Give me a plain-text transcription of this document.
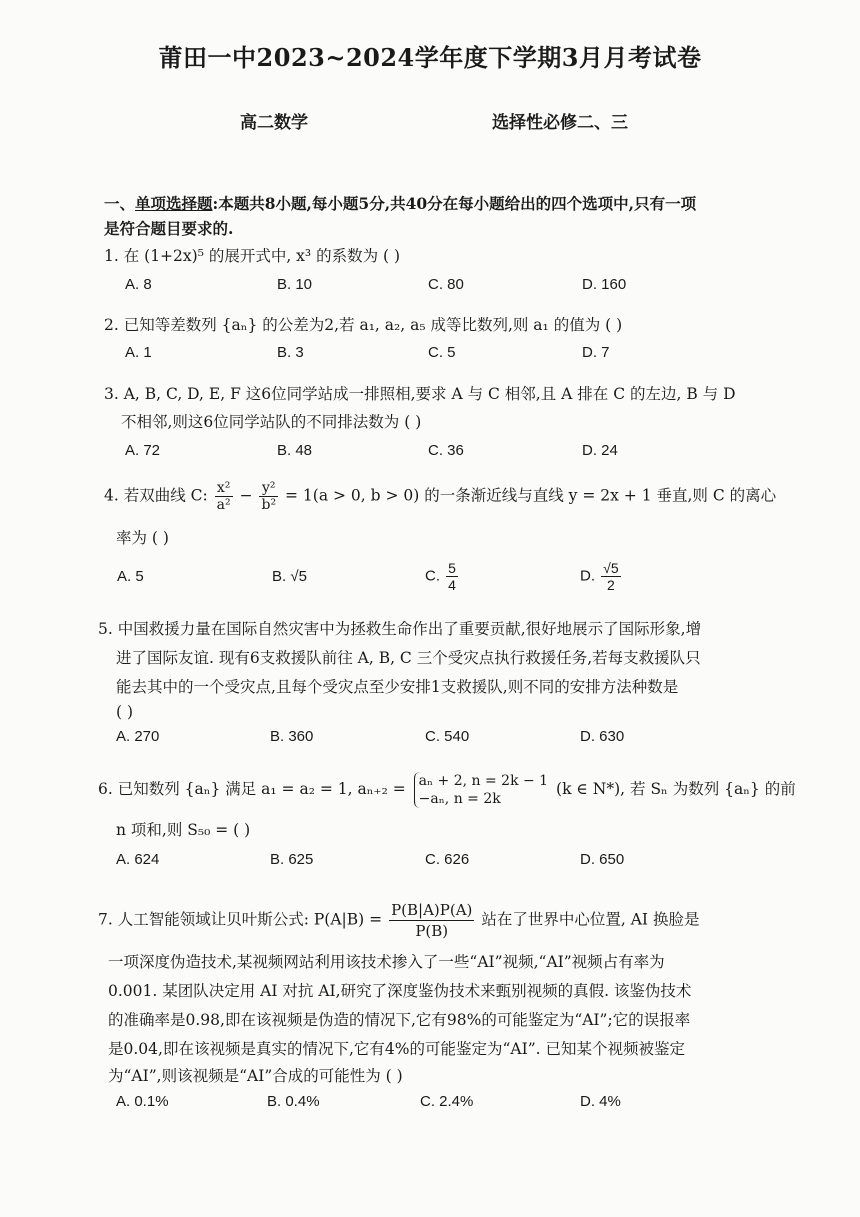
莆田一中2023~2024学年度下学期3月月考试卷
高二数学	选择性必修二、三
一、单项选择题:本题共8小题,每小题5分,共40分在每小题给出的四个选项中,只有一项
是符合题目要求的.
1. 在 (1+2x)⁵ 的展开式中, x³ 的系数为 ( )
A. 8	B. 10	C. 80	D. 160
2. 已知等差数列 {aₙ} 的公差为2,若 a₁, a₂, a₅ 成等比数列,则 a₁ 的值为 ( )
A. 1	B. 3	C. 5	D. 7
3. A, B, C, D, E, F 这6位同学站成一排照相,要求 A 与 C 相邻,且 A 排在 C 的左边, B 与 D
不相邻,则这6位同学站队的不同排法数为 ( )
A. 72	B. 48	C. 36	D. 24
4. 若双曲线 C: $\frac{\text{x²}}{\text{a²}} - \frac{\text{y²}}{\text{b²}} = 1(a > 0$, b > 0) 的一条渐近线与直线 y = 2x + 1 垂直,则 C 的离心
率为 ( )
A. 5	B. √5	C. $\frac{5}{4}$	D. $\frac{√5}{2}$
5. 中国救援力量在国际自然灾害中为拯救生命作出了重要贡献,很好地展示了国际形象,增
进了国际友谊. 现有6支救援队前往 A, B, C 三个受灾点执行救援任务,若每支救援队只
能去其中的一个受灾点,且每个受灾点至少安排1支救援队,则不同的安排方法种数是
( )
A. 270	B. 360	C. 540	D. 630
6. 已知数列 {aₙ} 满足 a₁ = a₂ = 1, aₙ₊₂ = aₙ + 2, n = 2k − 1
−aₙ, n = 2k
(k ∈ N*), 若 Sₙ 为数列 {aₙ} 的前
n 项和,则 S₅₀ = ( )
A. 624	B. 625	C. 626	D. 650
7. 人工智能领域让贝叶斯公式: $P(A|B) = \frac{P(B|A)P(A)}{P(B)}$ 站在了世界中心位置, AI 换脸是
一项深度伪造技术,某视频网站利用该技术掺入了一些“AI”视频,“AI”视频占有率为
0.001. 某团队决定用 AI 对抗 AI,研究了深度鉴伪技术来甄别视频的真假. 该鉴伪技术
的准确率是0.98,即在该视频是伪造的情况下,它有98%的可能鉴定为“AI”;它的误报率
是0.04,即在该视频是真实的情况下,它有4%的可能鉴定为“AI”. 已知某个视频被鉴定
为“AI”,则该视频是“AI”合成的可能性为 ( )
A. 0.1%	B. 0.4%	C. 2.4%	D. 4%
